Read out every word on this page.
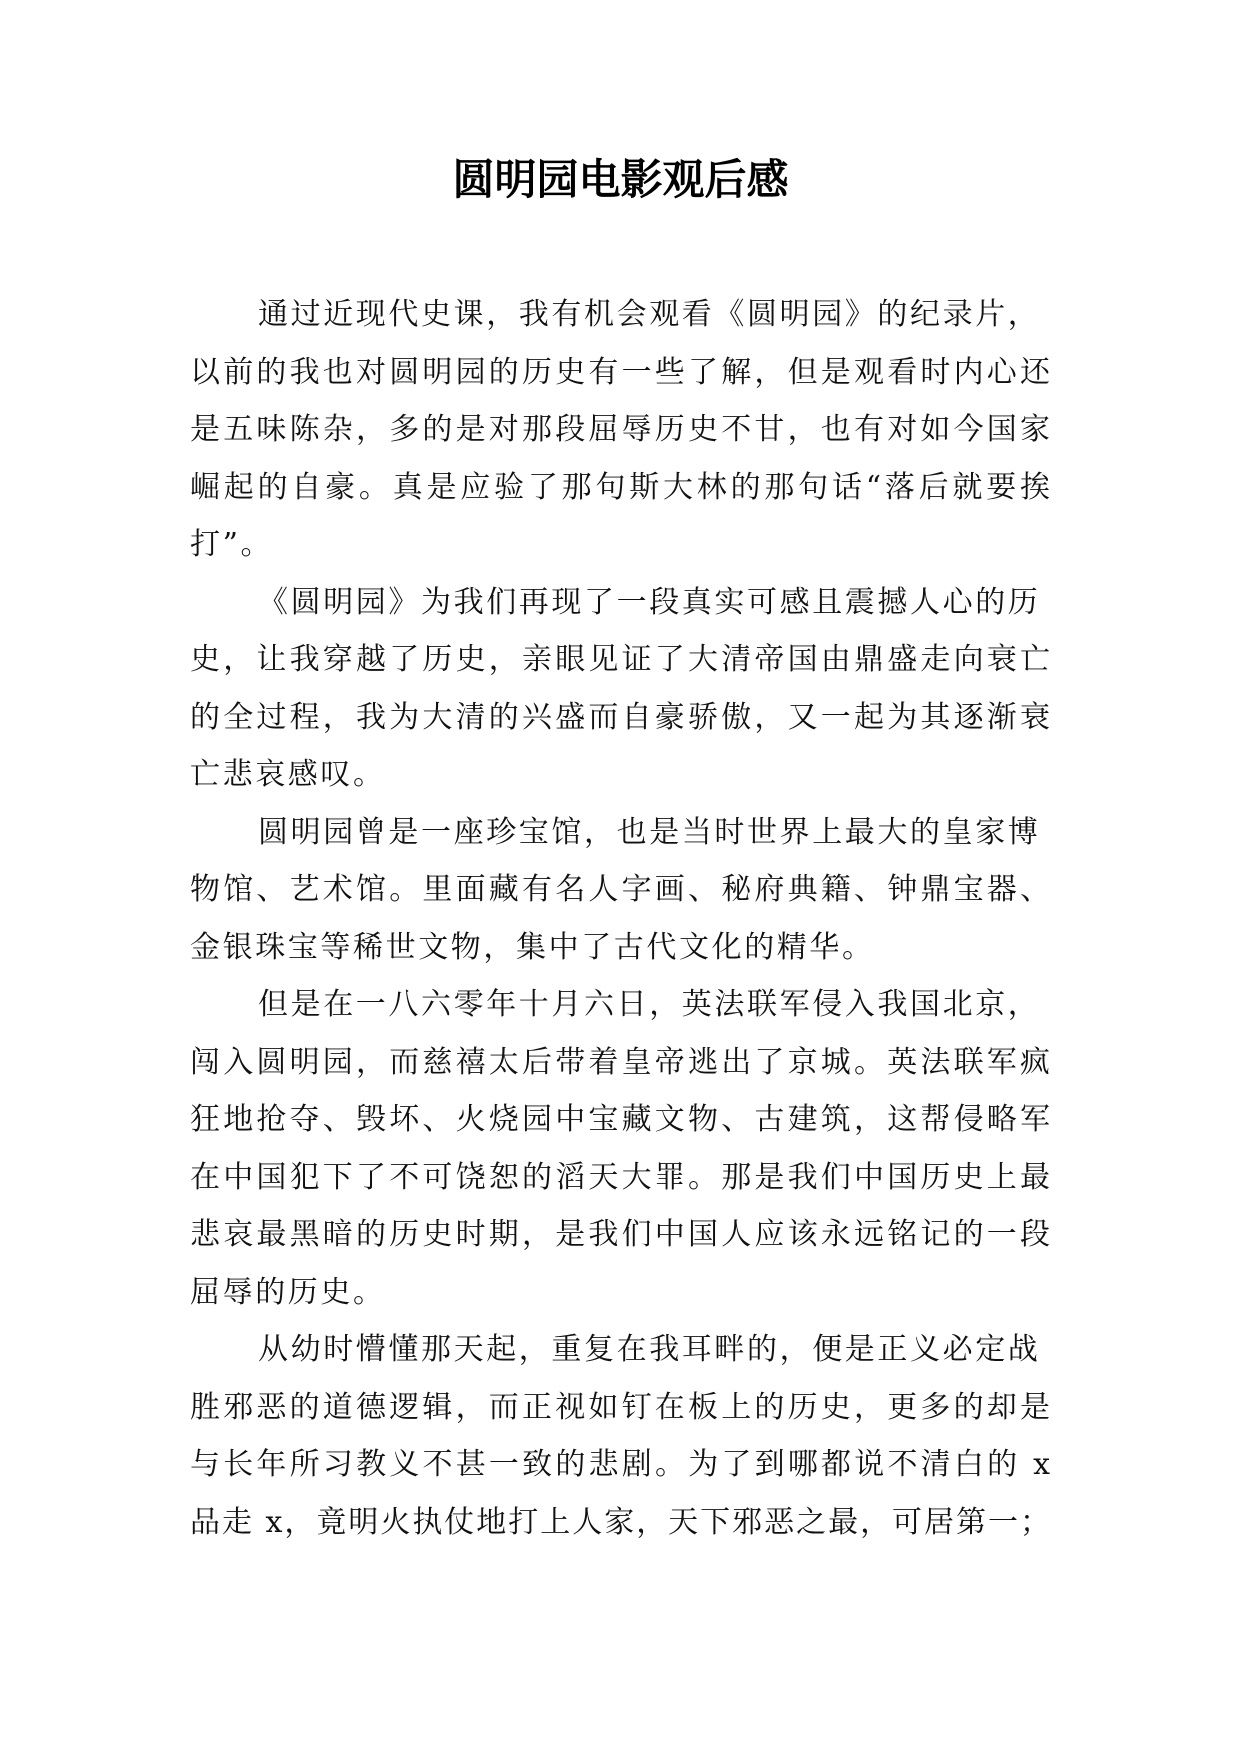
圆明园电影观后感
通过近现代史课，我有机会观看《圆明园》的纪录片，
以前的我也对圆明园的历史有一些了解，但是观看时内心还
是五味陈杂，多的是对那段屈辱历史不甘，也有对如今国家
崛起的自豪。真是应验了那句斯大林的那句话“落后就要挨
打”。
《圆明园》为我们再现了一段真实可感且震撼人心的历
史，让我穿越了历史，亲眼见证了大清帝国由鼎盛走向衰亡
的全过程，我为大清的兴盛而自豪骄傲，又一起为其逐渐衰
亡悲哀感叹。
圆明园曾是一座珍宝馆，也是当时世界上最大的皇家博
物馆、艺术馆。里面藏有名人字画、秘府典籍、钟鼎宝器、
金银珠宝等稀世文物，集中了古代文化的精华。
但是在一八六零年十月六日，英法联军侵入我国北京，
闯入圆明园，而慈禧太后带着皇帝逃出了京城。英法联军疯
狂地抢夺、毁坏、火烧园中宝藏文物、古建筑，这帮侵略军
在中国犯下了不可饶恕的滔天大罪。那是我们中国历史上最
悲哀最黑暗的历史时期，是我们中国人应该永远铭记的一段
屈辱的历史。
从幼时懵懂那天起，重复在我耳畔的，便是正义必定战
胜邪恶的道德逻辑，而正视如钉在板上的历史，更多的却是
与长年所习教义不甚一致的悲剧。为了到哪都说不清白的 x
品走 x，竟明火执仗地打上人家，天下邪恶之最，可居第一；
